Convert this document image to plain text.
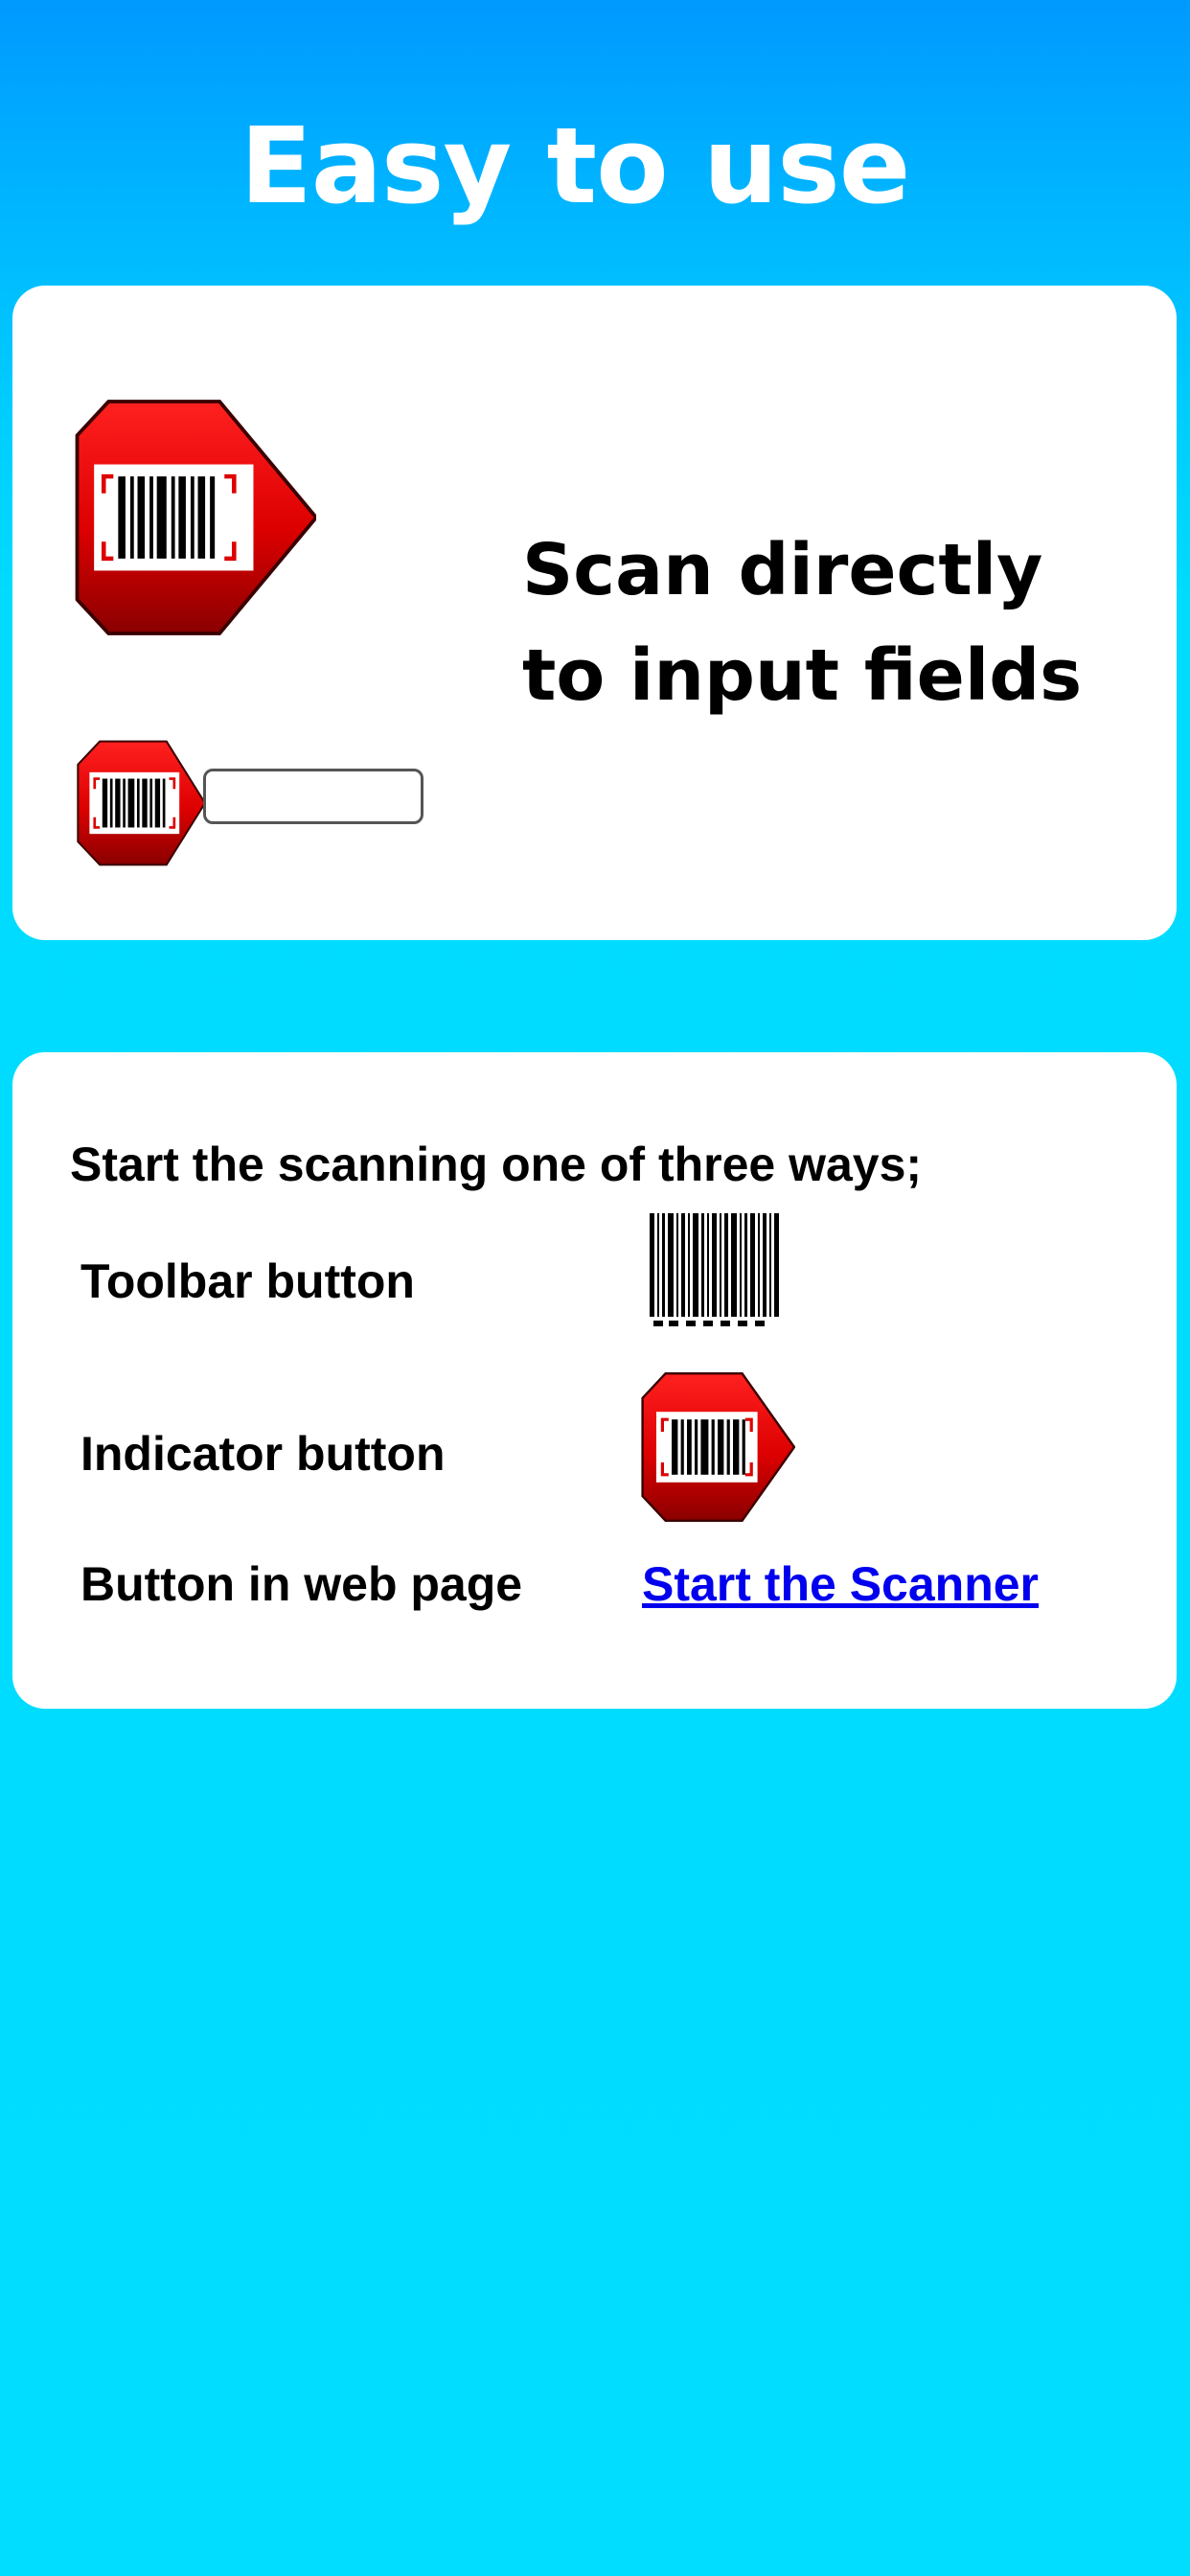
Easy to use
Scan directly
to input fields
Start the scanning one of three ways;
Toolbar button
Indicator button
Button in web page Start the Scanner
